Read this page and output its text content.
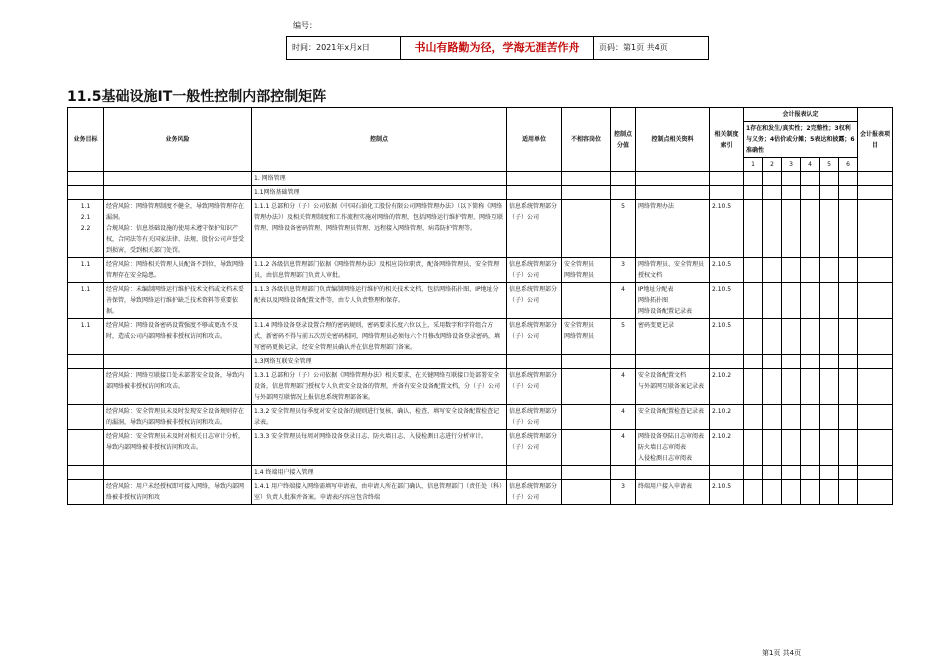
编号：
时间：2021年x月x日	书山有路勤为径，学海无涯苦作舟	页码：第1页 共4页
11.5基础设施IT一般性控制内部控制矩阵
业务目标	业务风险	控制点	适用单位	不相容岗位	控制点分值	控制点相关资料	相关制度索引	会计报表认定						会计报表项目
								1存在和发生/真实性；2完整性；3权利与义务；4估价或分摊；5表达和披露；6准确性						
								1	2	3	4	5	6	
		1. 网络管理												
		1.1网络基础管理												
1.1
2.1
2.2	经营风险：网络管理制度不健全，导致网络管理存在漏洞。
合规风险：信息基础设施的使用未遵守保护知识产权，合同法等有关国家法律、法规、股份公司声誉受到损害，受到相关部门处罚。	1.1.1 总部和分（子）公司依据《中国石油化工股份有限公司网络管理办法》（以下简称《网络管理办法》）及相关管理制度和工作流程实施对网络的管理，包括网络运行维护管理、网络互联管理、网络设备密码管理、网络管理员管理、远程接入网络管理、病毒防护管理等。	信息系统管理部分（子）公司		5	网络管理办法	2.10.5							
1.1	经营风险：网络相关管理人员配备不到位，导致网络管理存在安全隐患。	1.1.2 各级信息管理部门依据《网络管理办法》及相应岗位职责，配备网络管理员、安全管理员，由信息管理部门负责人审批。	信息系统管理部分（子）公司	安全管理员
网络管理员	3	网络管理员、安全管理员授权文档	2.10.5							
1.1	经营风险：未编制网络运行维护技术文档或文档未妥善保管，导致网络运行维护缺乏技术资料等重要依据。	1.1.3 各级信息管理部门负责编制网络运行维护的相关技术文档，包括网络拓扑图、IP地址分配表以及网络设备配置文件等，由专人负责整理和保存。	信息系统管理部分（子）公司		4	IP地址分配表
网络拓扑图
网络设备配置记录表	2.10.5							
1.1	经营风险：网络设备密码设置强度不够或更改不及时，造成公司内部网络被非授权访问和攻击。	1.1.4 网络设备登录设置合理的密码规则，密码要求长度六位以上，采用数字和字符组合方式，新密码不得与前五次历史密码相同，网络管理员必须每六个月修改网络设备登录密码，填写密码更换记录，经安全管理员确认并在信息管理部门备案。	信息系统管理部分（子）公司	安全管理员
网络管理员	5	密码变更记录	2.10.5							
		1.3网络互联安全管理												
	经营风险：网络互联接口处未部署安全设备，导致内部网络被非授权访问和攻击。	1.3.1 总部和分（子）公司依据《网络管理办法》相关要求，在关键网络互联接口处部署安全设备，信息管理部门授权专人负责安全设备的管理，并备有安全设备配置文档，分（子）公司与外部网互联情况上报信息系统管理部备案。	信息系统管理部分（子）公司		4	安全设备配置文档
与外部网互联备案记录表	2.10.2							
	经营风险：安全管理员未及时发现安全设备规则存在的漏洞，导致内部网络被非授权访问和攻击。	1.3.2 安全管理员每季度对安全设备的规则进行复核、确认、检查，填写安全设备配置检查记录表。	信息系统管理部分（子）公司		4	安全设备配置检查记录表	2.10.2							
	经营风险：安全管理员未及时对相关日志审计分析，导致内部网络被非授权访问和攻击。	1.3.3 安全管理员每周对网络设备登录日志、防火墙日志、入侵检测日志进行分析审计。	信息系统管理部分（子）公司		4	网络设备登陆日志审阅表
防火墙日志审阅表
入侵检测日志审阅表	2.10.2							
		1.4 终端用户接入管理												
	经营风险：用户未经授权即可接入网络，导致内部网络被非授权访问和攻	1.4.1 用户终端接入网络需填写申请表，由申请人所在部门确认，信息管理部门（责任处（科）室）负责人批准并备案。申请表内容应包含终端	信息系统管理部分（子）公司		3	终端用户接入申请表	2.10.5							
第1页 共4页
